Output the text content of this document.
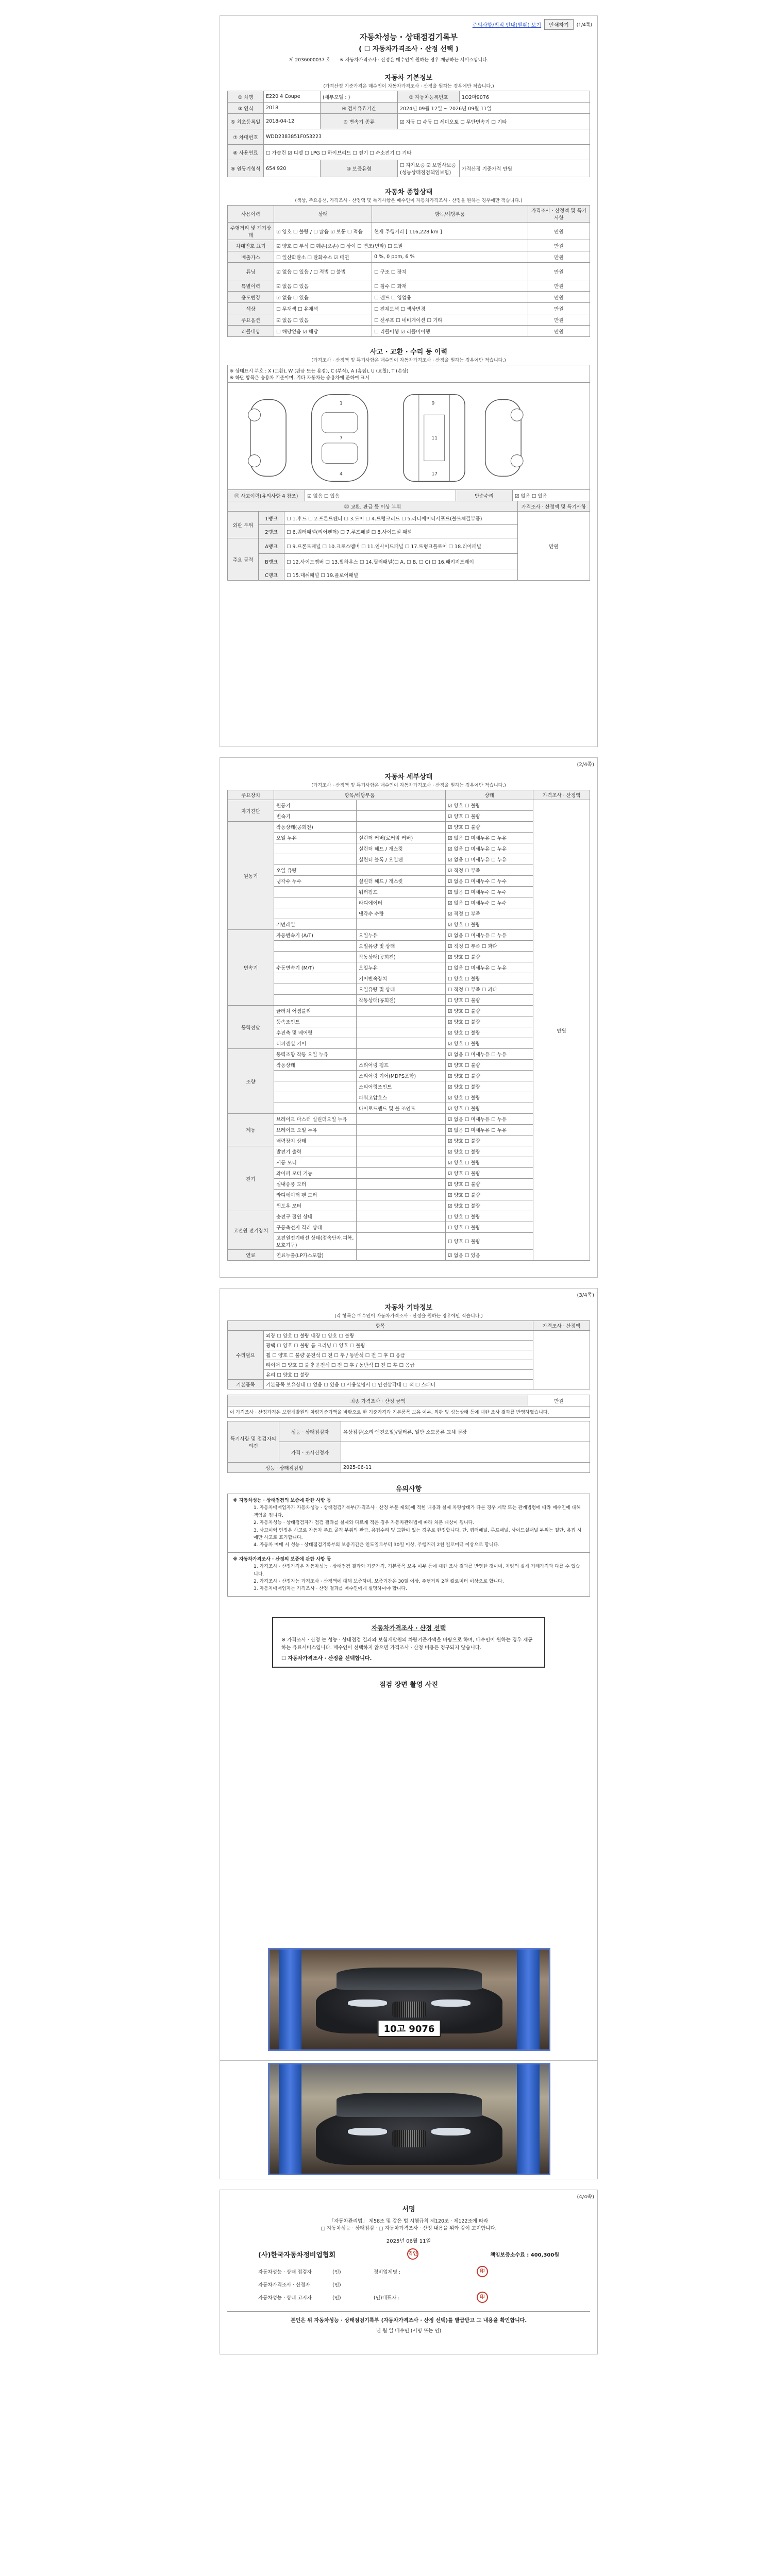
주의사항/법적 안내(발췌) 보기	인쇄하기	(1/4쪽)
자동차성능 · 상태점검기록부
( ☐ 자동차가격조사 · 산정 선택 )
제 2036000037 호 ※ 자동차가격조사 · 산정은 매수인이 원하는 경우 제공하는 서비스입니다.
자동차 기본정보
(가격산정 기준가격은 매수인이 자동차가격조사 · 산정을 원하는 경우에만 적습니다.)
① 차명	E220 4 Coupe	(세부모델 : )	② 자동차등록번호	1O2마9076
③ 연식	2018	④ 검사유효기간	2024년 09월 12일 ~ 2026년 09월 11일	
⑤ 최초등록일	2018-04-12	⑥ 변속기 종류	☑ 자동 ☐ 수동 ☐ 세미오토 ☐ 무단변속기 ☐ 기타	
⑦ 차대번호	WDD2383851F053223			
⑧ 사용연료	☐ 가솔린 ☑ 디젤 ☐ LPG ☐ 하이브리드 ☐ 전기 ☐ 수소전기 ☐ 기타			
⑨ 원동기형식	654 920	⑩ 보증유형	☐ 자가보증 ☑ 보험사보증(성능상태점검책임보험)	가격산정 기준가격 만원
자동차 종합상태
(색상, 주요옵션, 가격조사 · 산정액 및 특기사항은 매수인이 자동차가격조사 · 산정을 원하는 경우에만 적습니다.)
사용이력	상태	항목/해당부품	가격조사 · 산정액 및 특기사항
주행거리 및 계기상태	☑ 양호 ☐ 불량 / ☐ 많음 ☑ 보통 ☐ 적음	현재 주행거리 [ 116,228 km ]	만원
차대번호 표기	☑ 양호 ☐ 부식 ☐ 훼손(오손) ☐ 상이 ☐ 변조(변타) ☐ 도말		만원
배출가스	☐ 일산화탄소 ☐ 탄화수소 ☑ 매연	0 %, 0 ppm, 6 %	만원
튜닝	☑ 없음 ☐ 있음 / ☐ 적법 ☐ 불법	☐ 구조 ☐ 장치	만원
특별이력	☑ 없음 ☐ 있음	☐ 침수 ☐ 화재	만원
용도변경	☑ 없음 ☐ 있음	☐ 렌트 ☐ 영업용	만원
색상	☐ 무채색 ☐ 유채색	☐ 전체도색 ☐ 색상변경	만원
주요옵션	☑ 없음 ☐ 있음	☐ 선루프 ☐ 네비게이션 ☐ 기타	만원
리콜대상	☐ 해당없음 ☑ 해당	☐ 리콜이행 ☑ 리콜미이행	만원
사고 · 교환 · 수리 등 이력
(가격조사 · 산정액 및 특기사항은 매수인이 자동차가격조사 · 산정을 원하는 경우에만 적습니다.)
※ 상태표시 부호 : X (교환), W (판금 또는 용접), C (부식), A (흠집), U (요철), T (손상)
※ 하단 항목은 승용차 기준이며, 기타 자동차는 승용차에 준하여 표시

1
7
4
9
11
17
⑲ 사고이력(유의사항 4 참조)	☑ 없음 ☐ 있음	단순수리	☑ 없음 ☐ 있음
⑳ 교환, 판금 등 이상 부위			가격조사 · 산정액 및 특기사항
외판 부위	1랭크	☐ 1.후드 ☐ 2.프론트펜더 ☐ 3.도어 ☐ 4.트렁크리드 ☐ 5.라디에이터서포트(볼트체결부품)	만원
	2랭크	☐ 6.쿼터패널(리어펜더) ☐ 7.루프패널 ☐ 8.사이드실 패널	
주요 골격	A랭크	☐ 9.프론트패널 ☐ 10.크로스멤버 ☐ 11.인사이드패널 ☐ 17.트렁크플로어 ☐ 18.리어패널	
	B랭크	☐ 12.사이드멤버 ☐ 13.휠하우스 ☐ 14.필러패널(☐ A, ☐ B, ☐ C) ☐ 16.패키지트레이	
	C랭크	☐ 15.대쉬패널 ☐ 19.플로어패널	
(2/4쪽)
자동차 세부상태
(가격조사 · 산정액 및 특기사항은 매수인이 자동차가격조사 · 산정을 원하는 경우에만 적습니다.)
주요장치	항목/해당부품		상태	가격조사 · 산정액
자기진단	원동기		☑ 양호 ☐ 불량	만원
	변속기		☑ 양호 ☐ 불량	
원동기	작동상태(공회전)		☑ 양호 ☐ 불량	
	오일 누유	실린더 커버(로커암 커버)	☑ 없음 ☐ 미세누유 ☐ 누유	
		실린더 헤드 / 개스킷	☑ 없음 ☐ 미세누유 ☐ 누유	
		실린더 블록 / 오일팬	☑ 없음 ☐ 미세누유 ☐ 누유	
	오일 유량		☑ 적정 ☐ 부족	
	냉각수 누수	실린더 헤드 / 개스킷	☑ 없음 ☐ 미세누수 ☐ 누수	
		워터펌프	☑ 없음 ☐ 미세누수 ☐ 누수	
		라디에이터	☑ 없음 ☐ 미세누수 ☐ 누수	
		냉각수 수량	☑ 적정 ☐ 부족	
	커먼레일		☑ 양호 ☐ 불량	
변속기	자동변속기 (A/T)	오일누유	☑ 없음 ☐ 미세누유 ☐ 누유	
		오일유량 및 상태	☑ 적정 ☐ 부족 ☐ 과다	
		작동상태(공회전)	☑ 양호 ☐ 불량	
	수동변속기 (M/T)	오일누유	☐ 없음 ☐ 미세누유 ☐ 누유	
		기어변속장치	☐ 양호 ☐ 불량	
		오일유량 및 상태	☐ 적정 ☐ 부족 ☐ 과다	
		작동상태(공회전)	☐ 양호 ☐ 불량	
동력전달	클러치 어셈블리		☑ 양호 ☐ 불량	
	등속조인트		☑ 양호 ☐ 불량	
	추진축 및 베어링		☑ 양호 ☐ 불량	
	디퍼렌셜 기어		☑ 양호 ☐ 불량	
조향	동력조향 작동 오일 누유		☑ 없음 ☐ 미세누유 ☐ 누유	
	작동상태	스티어링 펌프	☑ 양호 ☐ 불량	
		스티어링 기어(MDPS포함)	☑ 양호 ☐ 불량	
		스티어링조인트	☑ 양호 ☐ 불량	
		파워고압호스	☑ 양호 ☐ 불량	
		타이로드엔드 및 볼 조인트	☑ 양호 ☐ 불량	
제동	브레이크 마스터 실린더오일 누유		☑ 없음 ☐ 미세누유 ☐ 누유	
	브레이크 오일 누유		☑ 없음 ☐ 미세누유 ☐ 누유	
	배력장치 상태		☑ 양호 ☐ 불량	
전기	발전기 출력		☑ 양호 ☐ 불량	
	시동 모터		☑ 양호 ☐ 불량	
	와이퍼 모터 기능		☑ 양호 ☐ 불량	
	실내송풍 모터		☑ 양호 ☐ 불량	
	라디에이터 팬 모터		☑ 양호 ☐ 불량	
	윈도우 모터		☑ 양호 ☐ 불량	
고전원 전기장치	충전구 절연 상태		☐ 양호 ☐ 불량	
	구동축전지 격리 상태		☐ 양호 ☐ 불량	
	고전원전기배선 상태(접속단자,피복,보호기구)		☐ 양호 ☐ 불량	
연료	연료누출(LP가스포함)		☑ 없음 ☐ 있음	
(3/4쪽)
자동차 기타정보
(각 항목은 매수인이 자동차가격조사 · 산정을 원하는 경우에만 적습니다.)
항목		가격조사 · 산정액
수리필요	외장 ☐ 양호 ☐ 불량 내장 ☐ 양호 ☐ 불량	
	광택 ☐ 양호 ☐ 불량 룸 크리닝 ☐ 양호 ☐ 불량	
	휠 ☐ 양호 ☐ 불량 운전석 ☐ 전 ☐ 후 / 동반석 ☐ 전 ☐ 후 ☐ 응급	
	타이어 ☐ 양호 ☐ 불량 운전석 ☐ 전 ☐ 후 / 동반석 ☐ 전 ☐ 후 ☐ 응급	
	유리 ☐ 양호 ☐ 불량	
기본품목	기본품목 보유상태 ☐ 없음 ☐ 있음 ☐ 사용설명서 ☐ 안전삼각대 ☐ 잭 ☐ 스패너	
최종 가격조사 · 산정 금액	만원
이 가격조사 · 산정가격은 보험개발원의 차량기준가액을 바탕으로 한 기준가격과 기본품목 보유 여부, 외관 및 성능상태 등에 대한 조사 결과를 반영하였습니다.
특기사항 및 점검자의 의견	성능 · 상태점검자	유상점검(소리·엔진오일)/필터류, 일반 소모품류 교체 권장
	가격 · 조사산정자	
성능 · 상태점검일		2025-06-11
유의사항
※ 자동차성능 · 상태점검의 보증에 관한 사항 등
1. 자동차매매업자가 자동차성능 · 상태점검기록부(가격조사 · 산정 부분 제외)에 적힌 내용과 실제 차량상태가 다른 경우 계약 또는 관계법령에 따라 매수인에 대해 책임을 집니다.
2. 자동차성능 · 상태점검자가 점검 결과를 실제와 다르게 적은 경우 자동차관리법에 따라 처분 대상이 됩니다.
3. 사고이력 인정은 사고로 자동차 주요 골격 부위의 판금, 용접수리 및 교환이 있는 경우로 한정합니다. 단, 쿼터패널, 루프패널, 사이드실패널 부위는 절단, 용접 시에만 사고로 표기합니다.
4. 자동차 매매 시 성능 · 상태점검기록부의 보증기간은 인도일로부터 30일 이상, 주행거리 2천 킬로미터 이상으로 합니다.
※ 자동차가격조사 · 산정의 보증에 관한 사항 등
1. 가격조사 · 산정가격은 자동차성능 · 상태점검 결과와 기준가격, 기본품목 보유 여부 등에 대한 조사 결과를 반영한 것이며, 차량의 실제 거래가격과 다를 수 있습니다.
2. 가격조사 · 산정자는 가격조사 · 산정액에 대해 보증하며, 보증기간은 30일 이상, 주행거리 2천 킬로미터 이상으로 합니다.
3. 자동차매매업자는 가격조사 · 산정 결과를 매수인에게 설명하여야 합니다.
자동차가격조사 · 산정 선택
※ 가격조사 · 산정 는 성능 · 상태점검 결과와 보험개발원의 차량기준가액을 바탕으로 하며, 매수인이 원하는 경우 제공하는 유료서비스입니다. 매수인이 선택하지 않으면 가격조사 · 산정 비용은 청구되지 않습니다.
☐ 자동차가격조사 · 산정을 선택합니다.
점검 장면 촬영 사진
10고 9076
(4/4쪽)
서명
「자동차관리법」 제58조 및 같은 법 시행규칙 제120조 · 제122조에 따라
□ 자동차성능 · 상태점검 · □ 자동차가격조사 · 산정 내용을 위와 같이 고지합니다.
2025년 06월 11일
(사)한국자동차정비업협회	직인	책임보증소수료 : 400,300원
자동차성능 · 상태 점검자	(인)	정비업체명 :	印
자동차가격조사 · 산정자	(인)		
자동차성능 · 상태 고지자	(인)	(인)대표자 :	印
본인은 위 자동차성능 · 상태점검기록부 (자동차가격조사 · 산정 선택)를 발급받고 그 내용을 확인합니다.
년 월 일 매수인 (서명 또는 인)
